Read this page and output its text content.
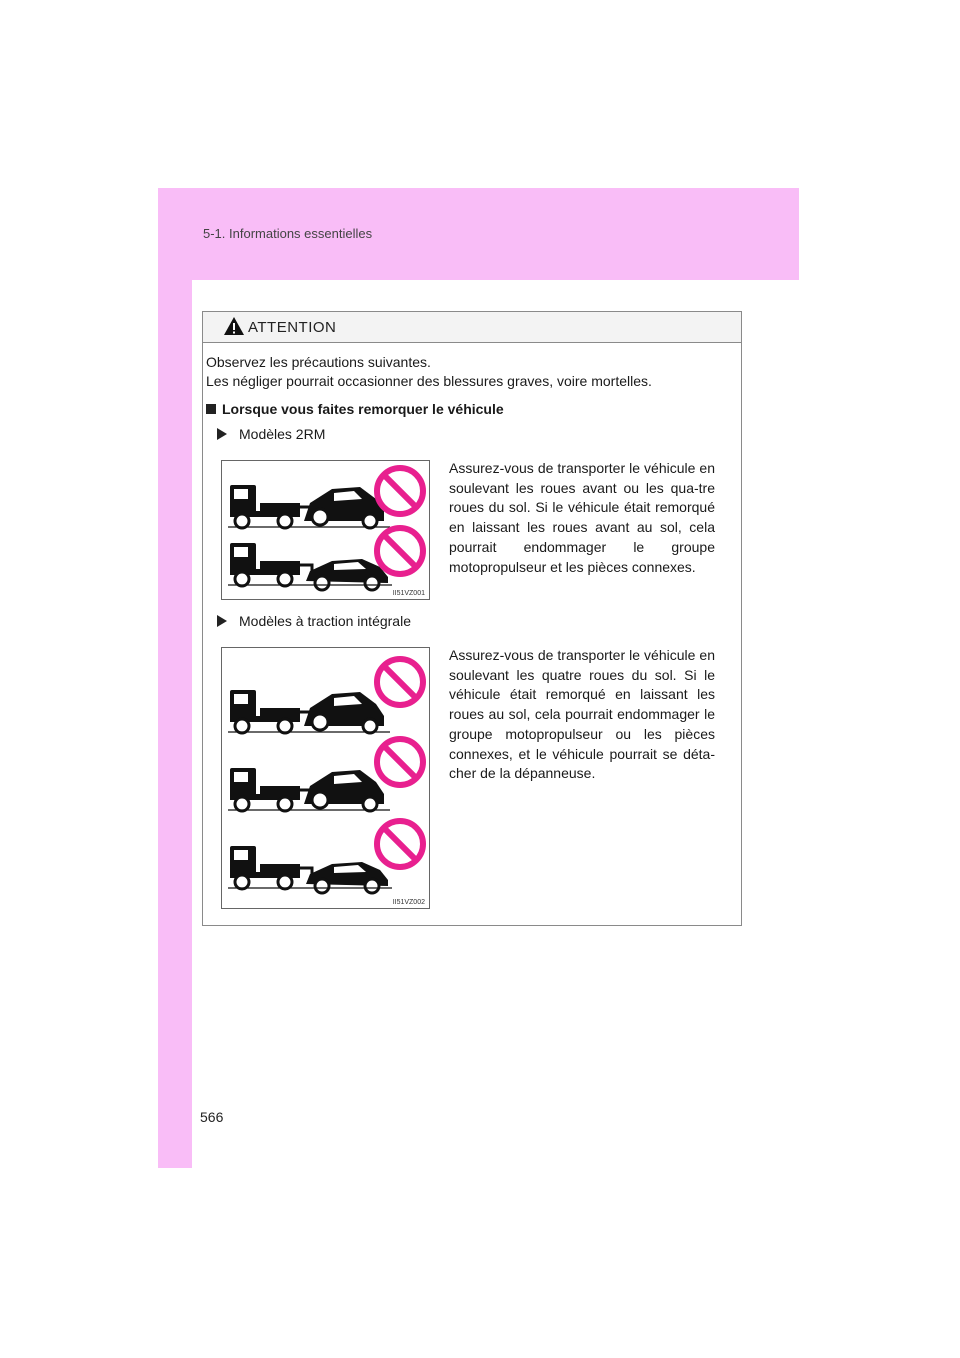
5-1. Informations essentielles
ATTENTION
Observez les précautions suivantes.
Les négliger pourrait occasionner des blessures graves, voire mortelles.
Lorsque vous faites remorquer le véhicule
Modèles 2RM
Assurez-vous de transporter le véhicule en soulevant les roues avant ou les qua-tre roues du sol. Si le véhicule était remorqué en laissant les roues avant au sol, cela pourrait endommager le groupe motopropulseur et les pièces connexes.
II51VZ001
Modèles à traction intégrale
Assurez-vous de transporter le véhicule en soulevant les quatre roues du sol. Si le véhicule était remorqué en laissant les roues au sol, cela pourrait endommager le groupe motopropulseur ou les pièces connexes, et le véhicule pourrait se déta-cher de la dépanneuse.
II51VZ002
566
